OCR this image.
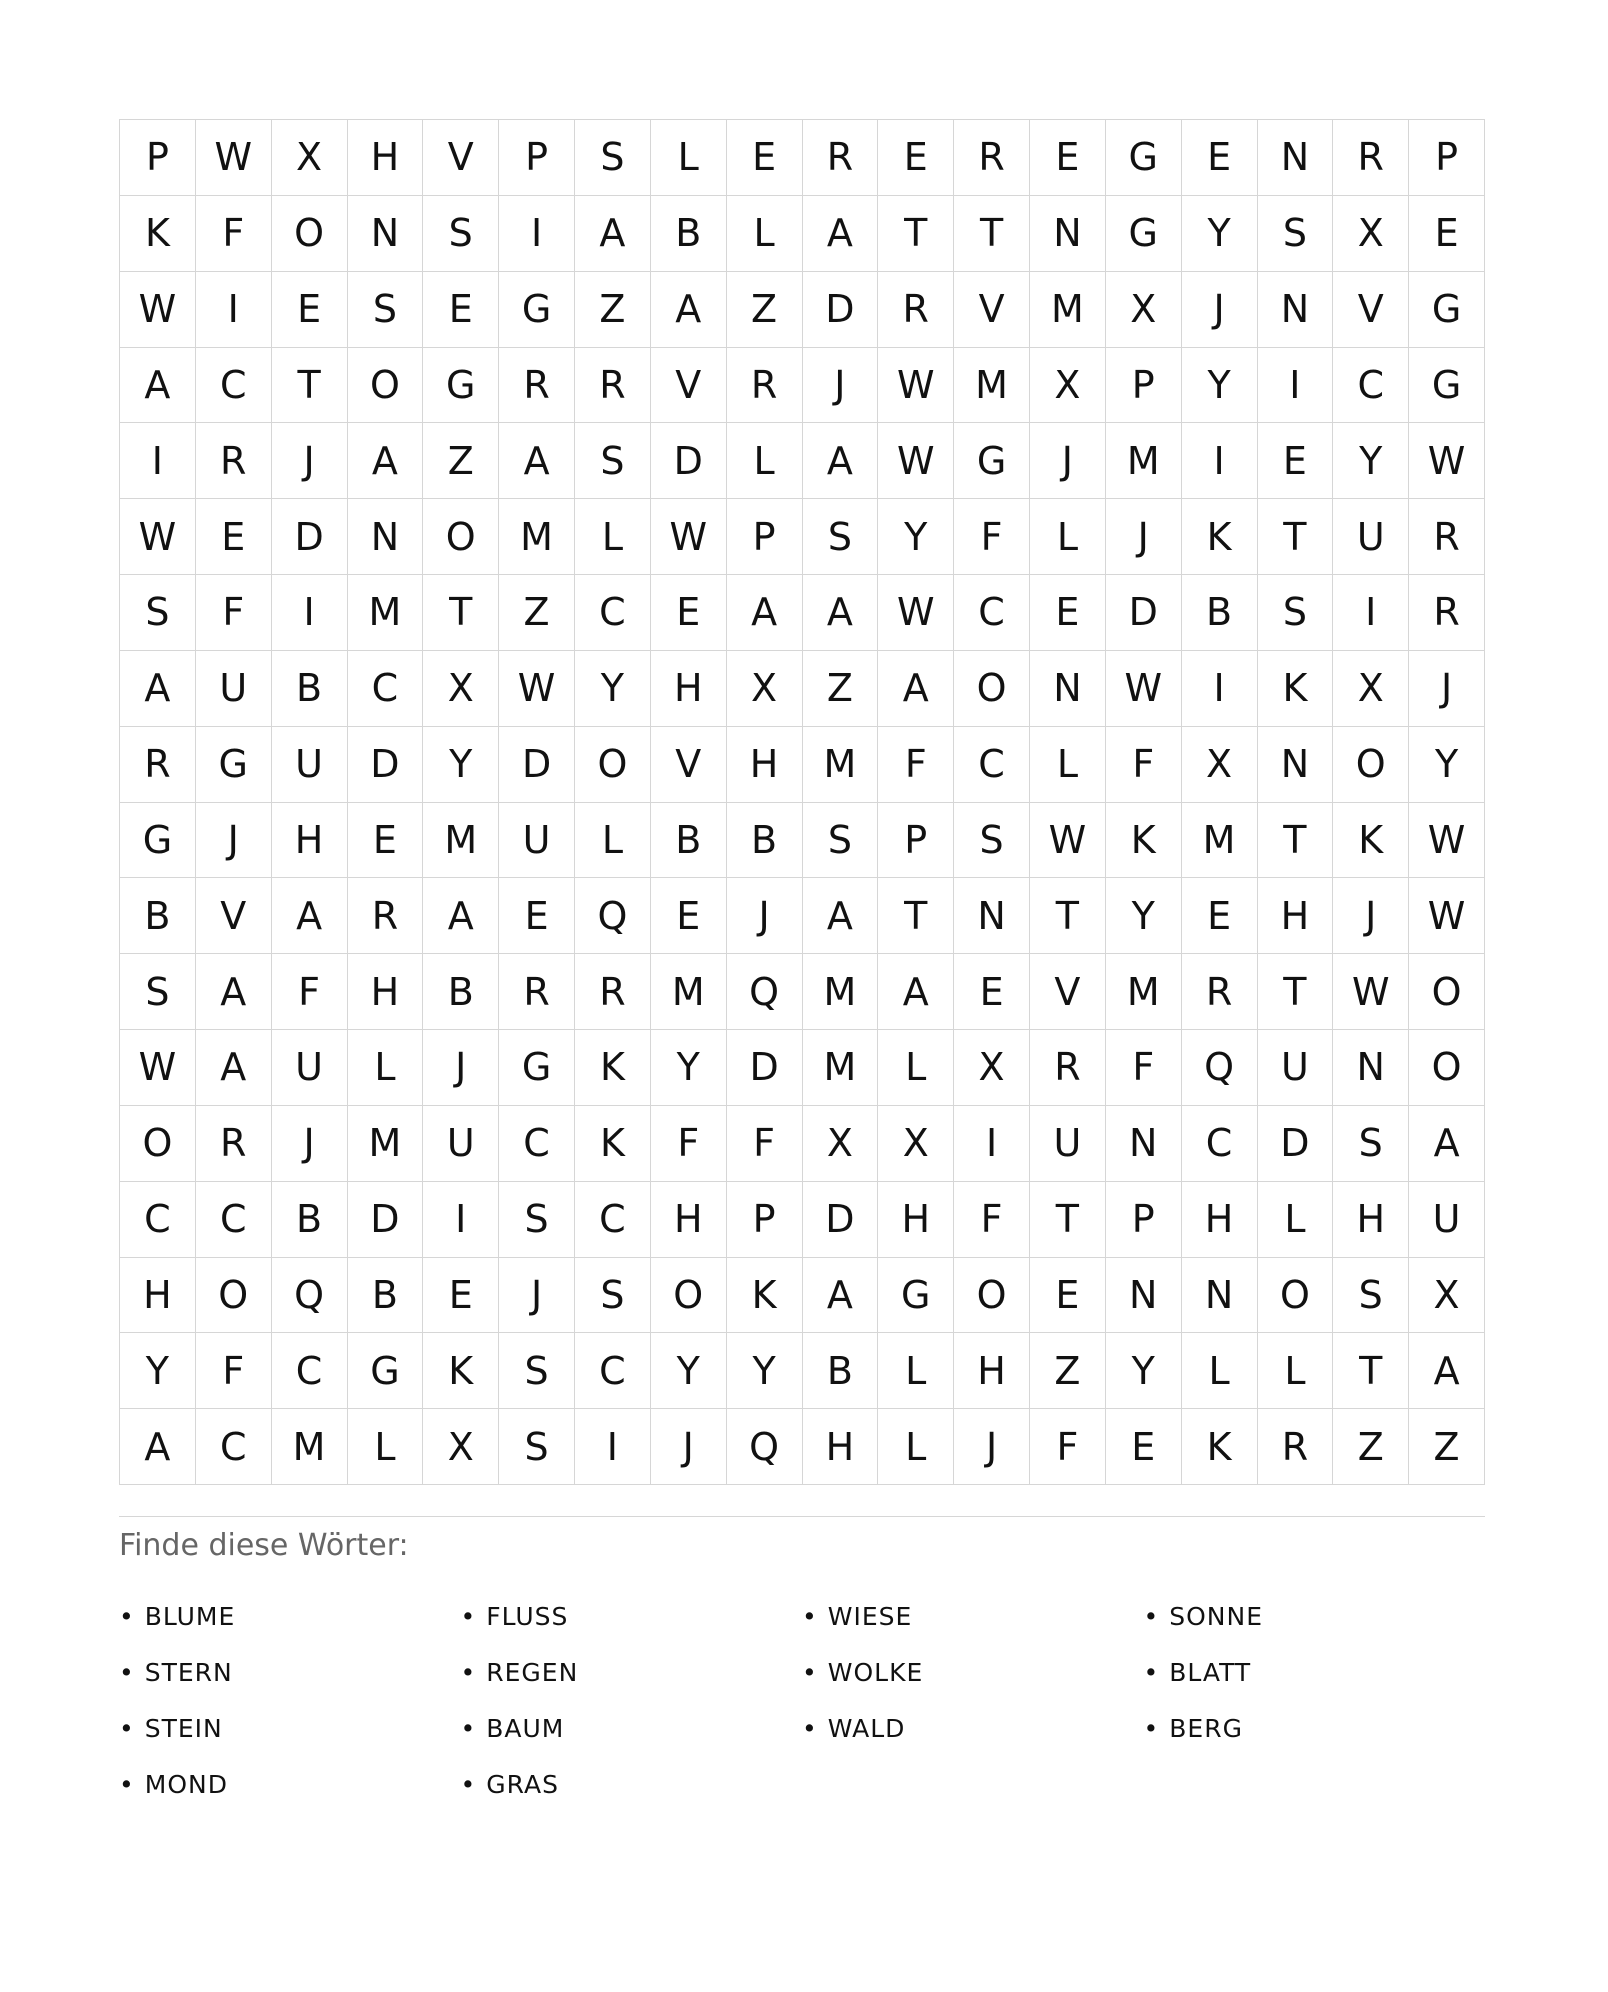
P	W	X	H	V	P	S	L	E	R	E	R	E	G	E	N	R	P
K	F	O	N	S	I	A	B	L	A	T	T	N	G	Y	S	X	E
W	I	E	S	E	G	Z	A	Z	D	R	V	M	X	J	N	V	G
A	C	T	O	G	R	R	V	R	J	W	M	X	P	Y	I	C	G
I	R	J	A	Z	A	S	D	L	A	W	G	J	M	I	E	Y	W
W	E	D	N	O	M	L	W	P	S	Y	F	L	J	K	T	U	R
S	F	I	M	T	Z	C	E	A	A	W	C	E	D	B	S	I	R
A	U	B	C	X	W	Y	H	X	Z	A	O	N	W	I	K	X	J
R	G	U	D	Y	D	O	V	H	M	F	C	L	F	X	N	O	Y
G	J	H	E	M	U	L	B	B	S	P	S	W	K	M	T	K	W
B	V	A	R	A	E	Q	E	J	A	T	N	T	Y	E	H	J	W
S	A	F	H	B	R	R	M	Q	M	A	E	V	M	R	T	W	O
W	A	U	L	J	G	K	Y	D	M	L	X	R	F	Q	U	N	O
O	R	J	M	U	C	K	F	F	X	X	I	U	N	C	D	S	A
C	C	B	D	I	S	C	H	P	D	H	F	T	P	H	L	H	U
H	O	Q	B	E	J	S	O	K	A	G	O	E	N	N	O	S	X
Y	F	C	G	K	S	C	Y	Y	B	L	H	Z	Y	L	L	T	A
A	C	M	L	X	S	I	J	Q	H	L	J	F	E	K	R	Z	Z
Finde diese Wörter:
• BLUME	• FLUSS	• WIESE	• SONNE
• STERN	• REGEN	• WOLKE	• BLATT
• STEIN	• BAUM	• WALD	• BERG
• MOND	• GRAS
